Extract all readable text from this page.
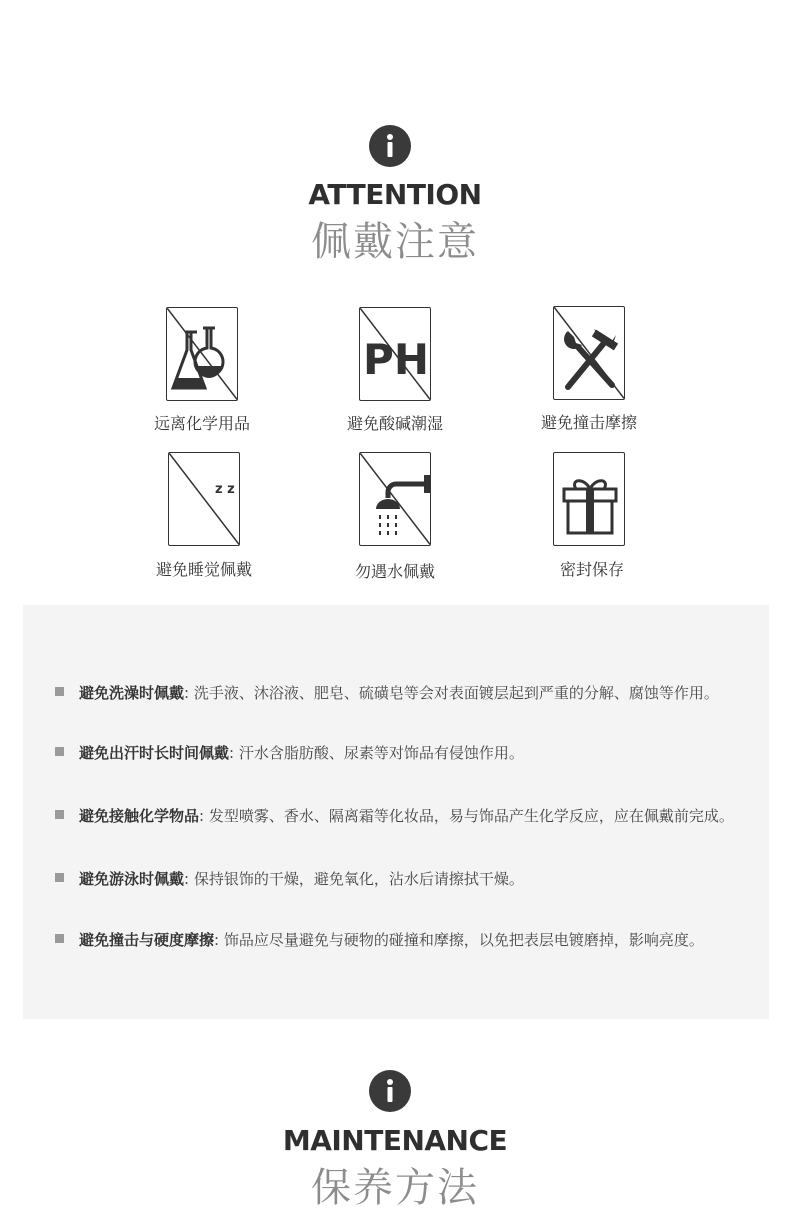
ATTENTION
佩戴注意
远离化学用品
PH
避免酸碱潮湿	避免撞击摩擦
z z
避免睡觉佩戴	勿遇水佩戴	密封保存
避免洗澡时佩戴: 洗手液、沐浴液、肥皂、硫磺皂等会对表面镀层起到严重的分解、腐蚀等作用。
避免出汗时长时间佩戴: 汗水含脂肪酸、尿素等对饰品有侵蚀作用。
避免接触化学物品: 发型喷雾、香水、隔离霜等化妆品，易与饰品产生化学反应，应在佩戴前完成。
避免游泳时佩戴: 保持银饰的干燥，避免氧化，沾水后请擦拭干燥。
避免撞击与硬度摩擦: 饰品应尽量避免与硬物的碰撞和摩擦，以免把表层电镀磨掉，影响亮度。
MAINTENANCE
保养方法
